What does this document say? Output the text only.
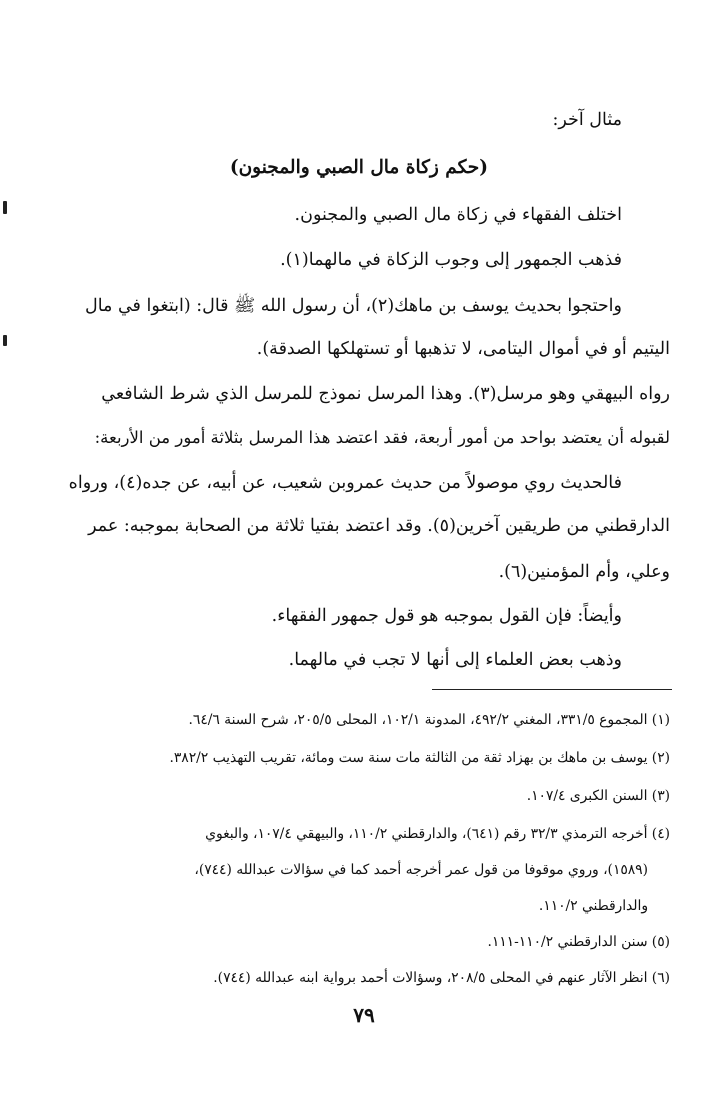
مثال آخر:
(حكم زكاة مال الصبي والمجنون)
اختلف الفقهاء في زكاة مال الصبي والمجنون.
فذهب الجمهور إلى وجوب الزكاة في مالهما(١).
واحتجوا بحديث يوسف بن ماهك(٢)، أن رسول الله ﷺ قال: (ابتغوا في مال
اليتيم أو في أموال اليتامى، لا تذهبها أو تستهلكها الصدقة).
رواه البيهقي وهو مرسل(٣). وهذا المرسل نموذج للمرسل الذي شرط الشافعي
لقبوله أن يعتضد بواحد من أمور أربعة، فقد اعتضد هذا المرسل بثلاثة أمور من الأربعة:
فالحديث روي موصولاً من حديث عمروبن شعيب، عن أبيه، عن جده(٤)، ورواه
الدارقطني من طريقين آخرين(٥). وقد اعتضد بفتيا ثلاثة من الصحابة بموجبه: عمر
وعلي، وأم المؤمنين(٦).
وأيضاً: فإن القول بموجبه هو قول جمهور الفقهاء.
وذهب بعض العلماء إلى أنها لا تجب في مالهما.
(١) المجموع ٣٣١/٥، المغني ٤٩٢/٢، المدونة ١٠٢/١، المحلى ٢٠٥/٥، شرح السنة ٦٤/٦.
(٢) يوسف بن ماهك بن بهزاد ثقة من الثالثة مات سنة ست ومائة، تقريب التهذيب ٣٨٢/٢.
(٣) السنن الكبرى ١٠٧/٤.
(٤) أخرجه الترمذي ٣٢/٣ رقم (٦٤١)، والدارقطني ١١٠/٢، والبيهقي ١٠٧/٤، والبغوي
(١٥٨٩)، وروي موقوفا من قول عمر أخرجه أحمد كما في سؤالات عبدالله (٧٤٤)،
والدارقطني ١١٠/٢.
(٥) سنن الدارقطني ١١٠/٢-١١١.
(٦) انظر الآثار عنهم في المحلى ٢٠٨/٥، وسؤالات أحمد برواية ابنه عبدالله (٧٤٤).
٧٩
